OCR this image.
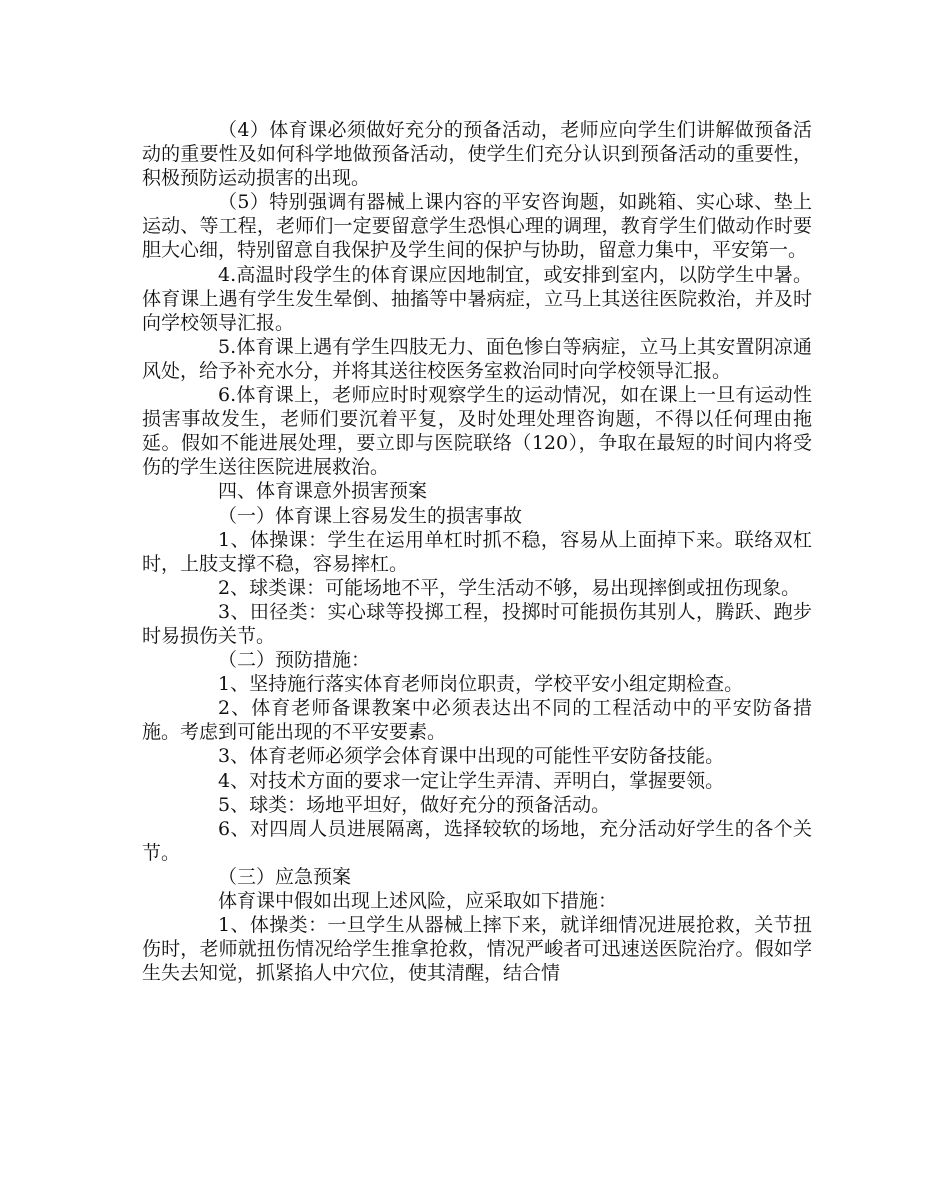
（4）体育课必须做好充分的预备活动，老师应向学生们讲解做预备活动的重要性及如何科学地做预备活动，使学生们充分认识到预备活动的重要性，积极预防运动损害的出现。

（5）特别强调有器械上课内容的平安咨询题，如跳箱、实心球、垫上运动、等工程，老师们一定要留意学生恐惧心理的调理，教育学生们做动作时要胆大心细，特别留意自我保护及学生间的保护与协助，留意力集中，平安第一。

4.高温时段学生的体育课应因地制宜，或安排到室内，以防学生中暑。体育课上遇有学生发生晕倒、抽搐等中暑病症，立马上其送往医院救治，并及时向学校领导汇报。

5.体育课上遇有学生四肢无力、面色惨白等病症，立马上其安置阴凉通风处，给予补充水分，并将其送往校医务室救治同时向学校领导汇报。

6.体育课上，老师应时时观察学生的运动情况，如在课上一旦有运动性损害事故发生，老师们要沉着平复，及时处理处理咨询题，不得以任何理由拖延。假如不能进展处理，要立即与医院联络（120），争取在最短的时间内将受伤的学生送往医院进展救治。

四、体育课意外损害预案

（一）体育课上容易发生的损害事故

1、体操课：学生在运用单杠时抓不稳，容易从上面掉下来。联络双杠时，上肢支撑不稳，容易摔杠。

2、球类课：可能场地不平，学生活动不够，易出现摔倒或扭伤现象。

3、田径类：实心球等投掷工程，投掷时可能损伤其别人，腾跃、跑步时易损伤关节。

（二）预防措施：

1、坚持施行落实体育老师岗位职责，学校平安小组定期检查。

2、体育老师备课教案中必须表达出不同的工程活动中的平安防备措施。考虑到可能出现的不平安要素。

3、体育老师必须学会体育课中出现的可能性平安防备技能。

4、对技术方面的要求一定让学生弄清、弄明白，掌握要领。

5、球类：场地平坦好，做好充分的预备活动。

6、对四周人员进展隔离，选择较软的场地，充分活动好学生的各个关节。

（三）应急预案

体育课中假如出现上述风险，应采取如下措施：

1、体操类：一旦学生从器械上摔下来，就详细情况进展抢救，关节扭伤时，老师就扭伤情况给学生推拿抢救，情况严峻者可迅速送医院治疗。假如学生失去知觉，抓紧掐人中穴位，使其清醒，结合情
